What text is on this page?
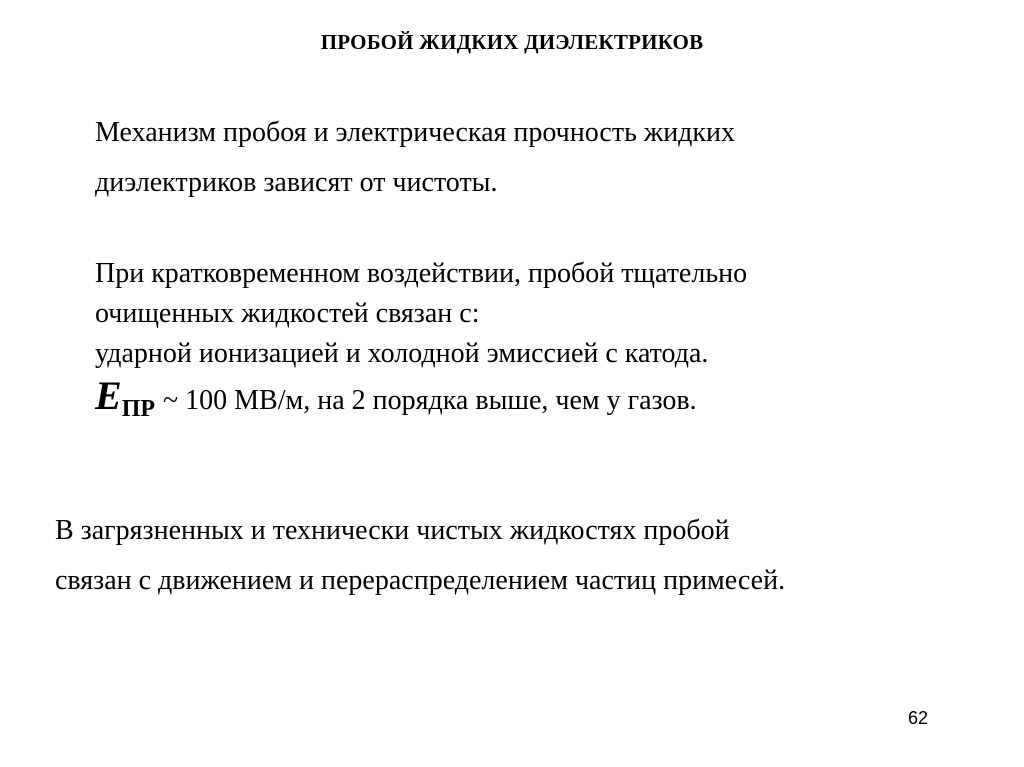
ПРОБОЙ ЖИДКИХ ДИЭЛЕКТРИКОВ
Механизм пробоя и электрическая прочность жидких
диэлектриков зависят от чистоты.
При кратковременном воздействии, пробой тщательно
очищенных жидкостей связан с:
ударной ионизацией и холодной эмиссией с катода.
EПР ~ 100 МВ/м, на 2 порядка выше, чем у газов.
В загрязненных и технически чистых жидкостях пробой
связан с движением и перераспределением частиц примесей.
62
